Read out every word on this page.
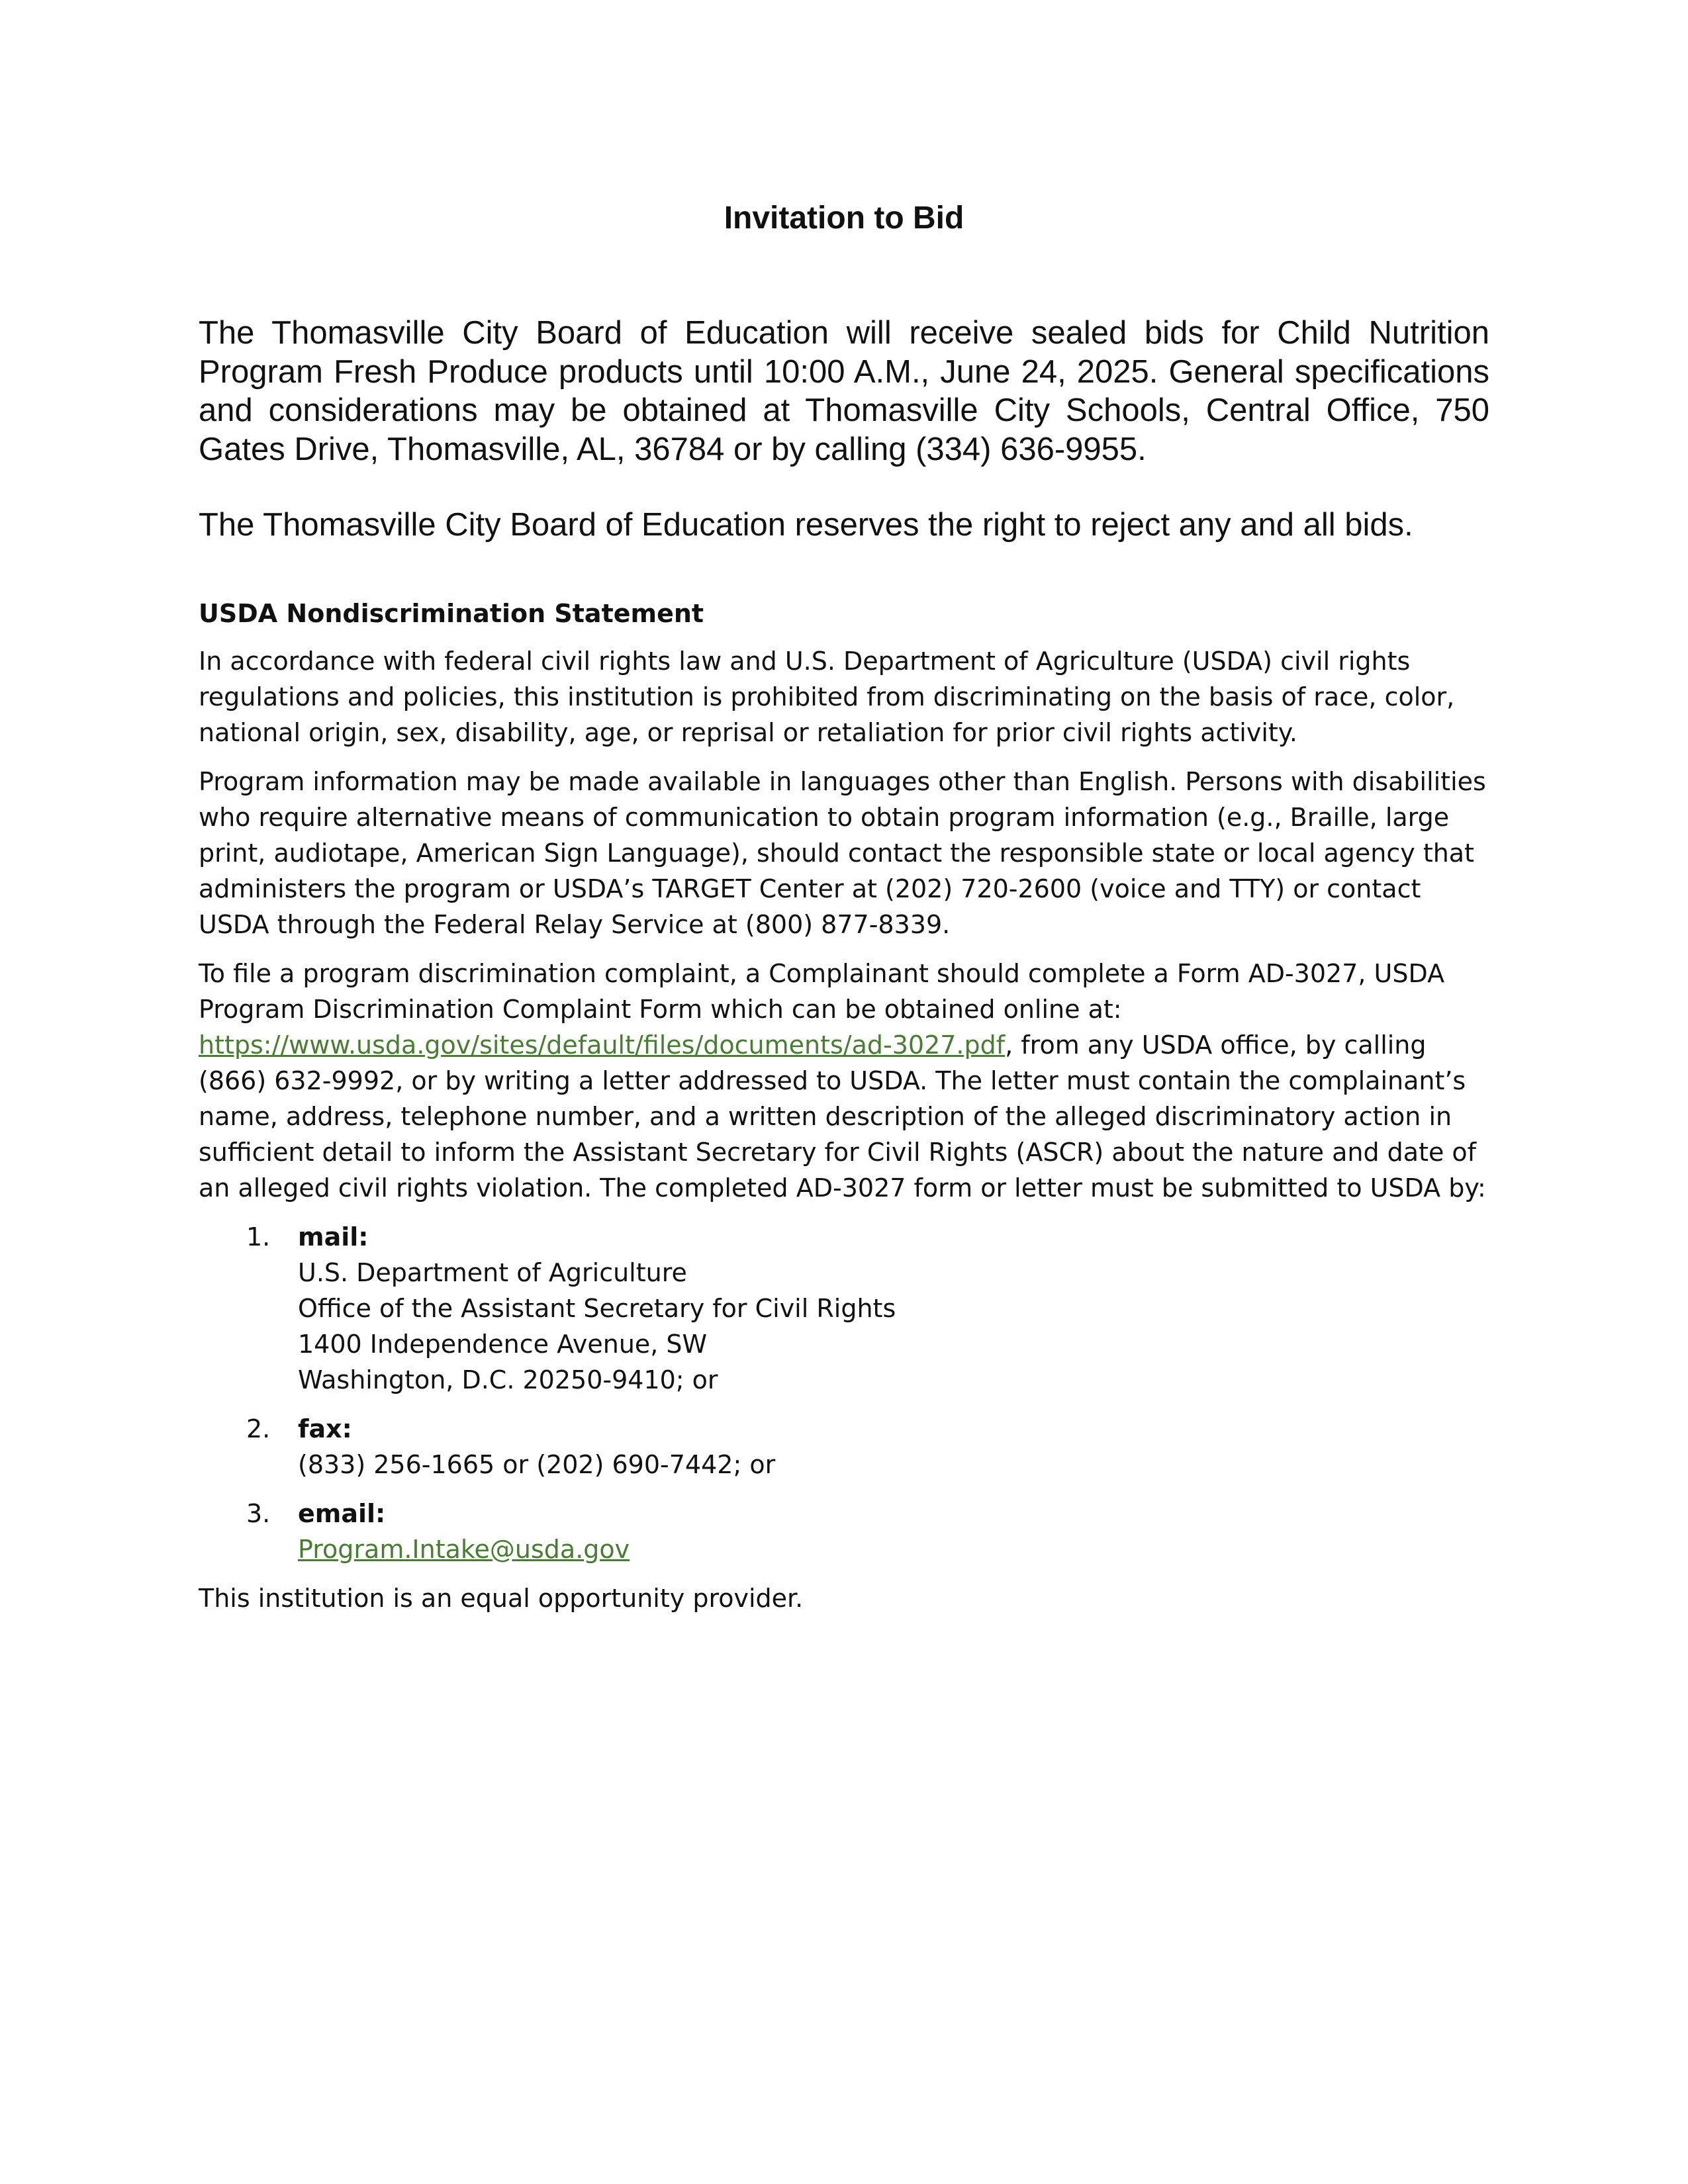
Invitation to Bid

The Thomasville City Board of Education will receive sealed bids for Child Nutrition Program Fresh Produce products until 10:00 A.M., June 24, 2025. General specifications and considerations may be obtained at Thomasville City Schools, Central Office, 750 Gates Drive, Thomasville, AL, 36784 or by calling (334) 636-9955.

The Thomasville City Board of Education reserves the right to reject any and all bids.

USDA Nondiscrimination Statement

In accordance with federal civil rights law and U.S. Department of Agriculture (USDA) civil rights regulations and policies, this institution is prohibited from discriminating on the basis of race, color, national origin, sex, disability, age, or reprisal or retaliation for prior civil rights activity.

Program information may be made available in languages other than English. Persons with disabilities who require alternative means of communication to obtain program information (e.g., Braille, large print, audiotape, American Sign Language), should contact the responsible state or local agency that administers the program or USDA’s TARGET Center at (202) 720-2600 (voice and TTY) or contact USDA through the Federal Relay Service at (800) 877-8339.

To file a program discrimination complaint, a Complainant should complete a Form AD-3027, USDA Program Discrimination Complaint Form which can be obtained online at: https://www.usda.gov/sites/default/files/documents/ad-3027.pdf, from any USDA office, by calling (866) 632-9992, or by writing a letter addressed to USDA. The letter must contain the complainant’s name, address, telephone number, and a written description of the alleged discriminatory action in sufficient detail to inform the Assistant Secretary for Civil Rights (ASCR) about the nature and date of an alleged civil rights violation. The completed AD-3027 form or letter must be submitted to USDA by:

1. mail:
U.S. Department of Agriculture
Office of the Assistant Secretary for Civil Rights
1400 Independence Avenue, SW
Washington, D.C. 20250-9410; or
2. fax:
(833) 256-1665 or (202) 690-7442; or
3. email:
Program.Intake@usda.gov

This institution is an equal opportunity provider.
